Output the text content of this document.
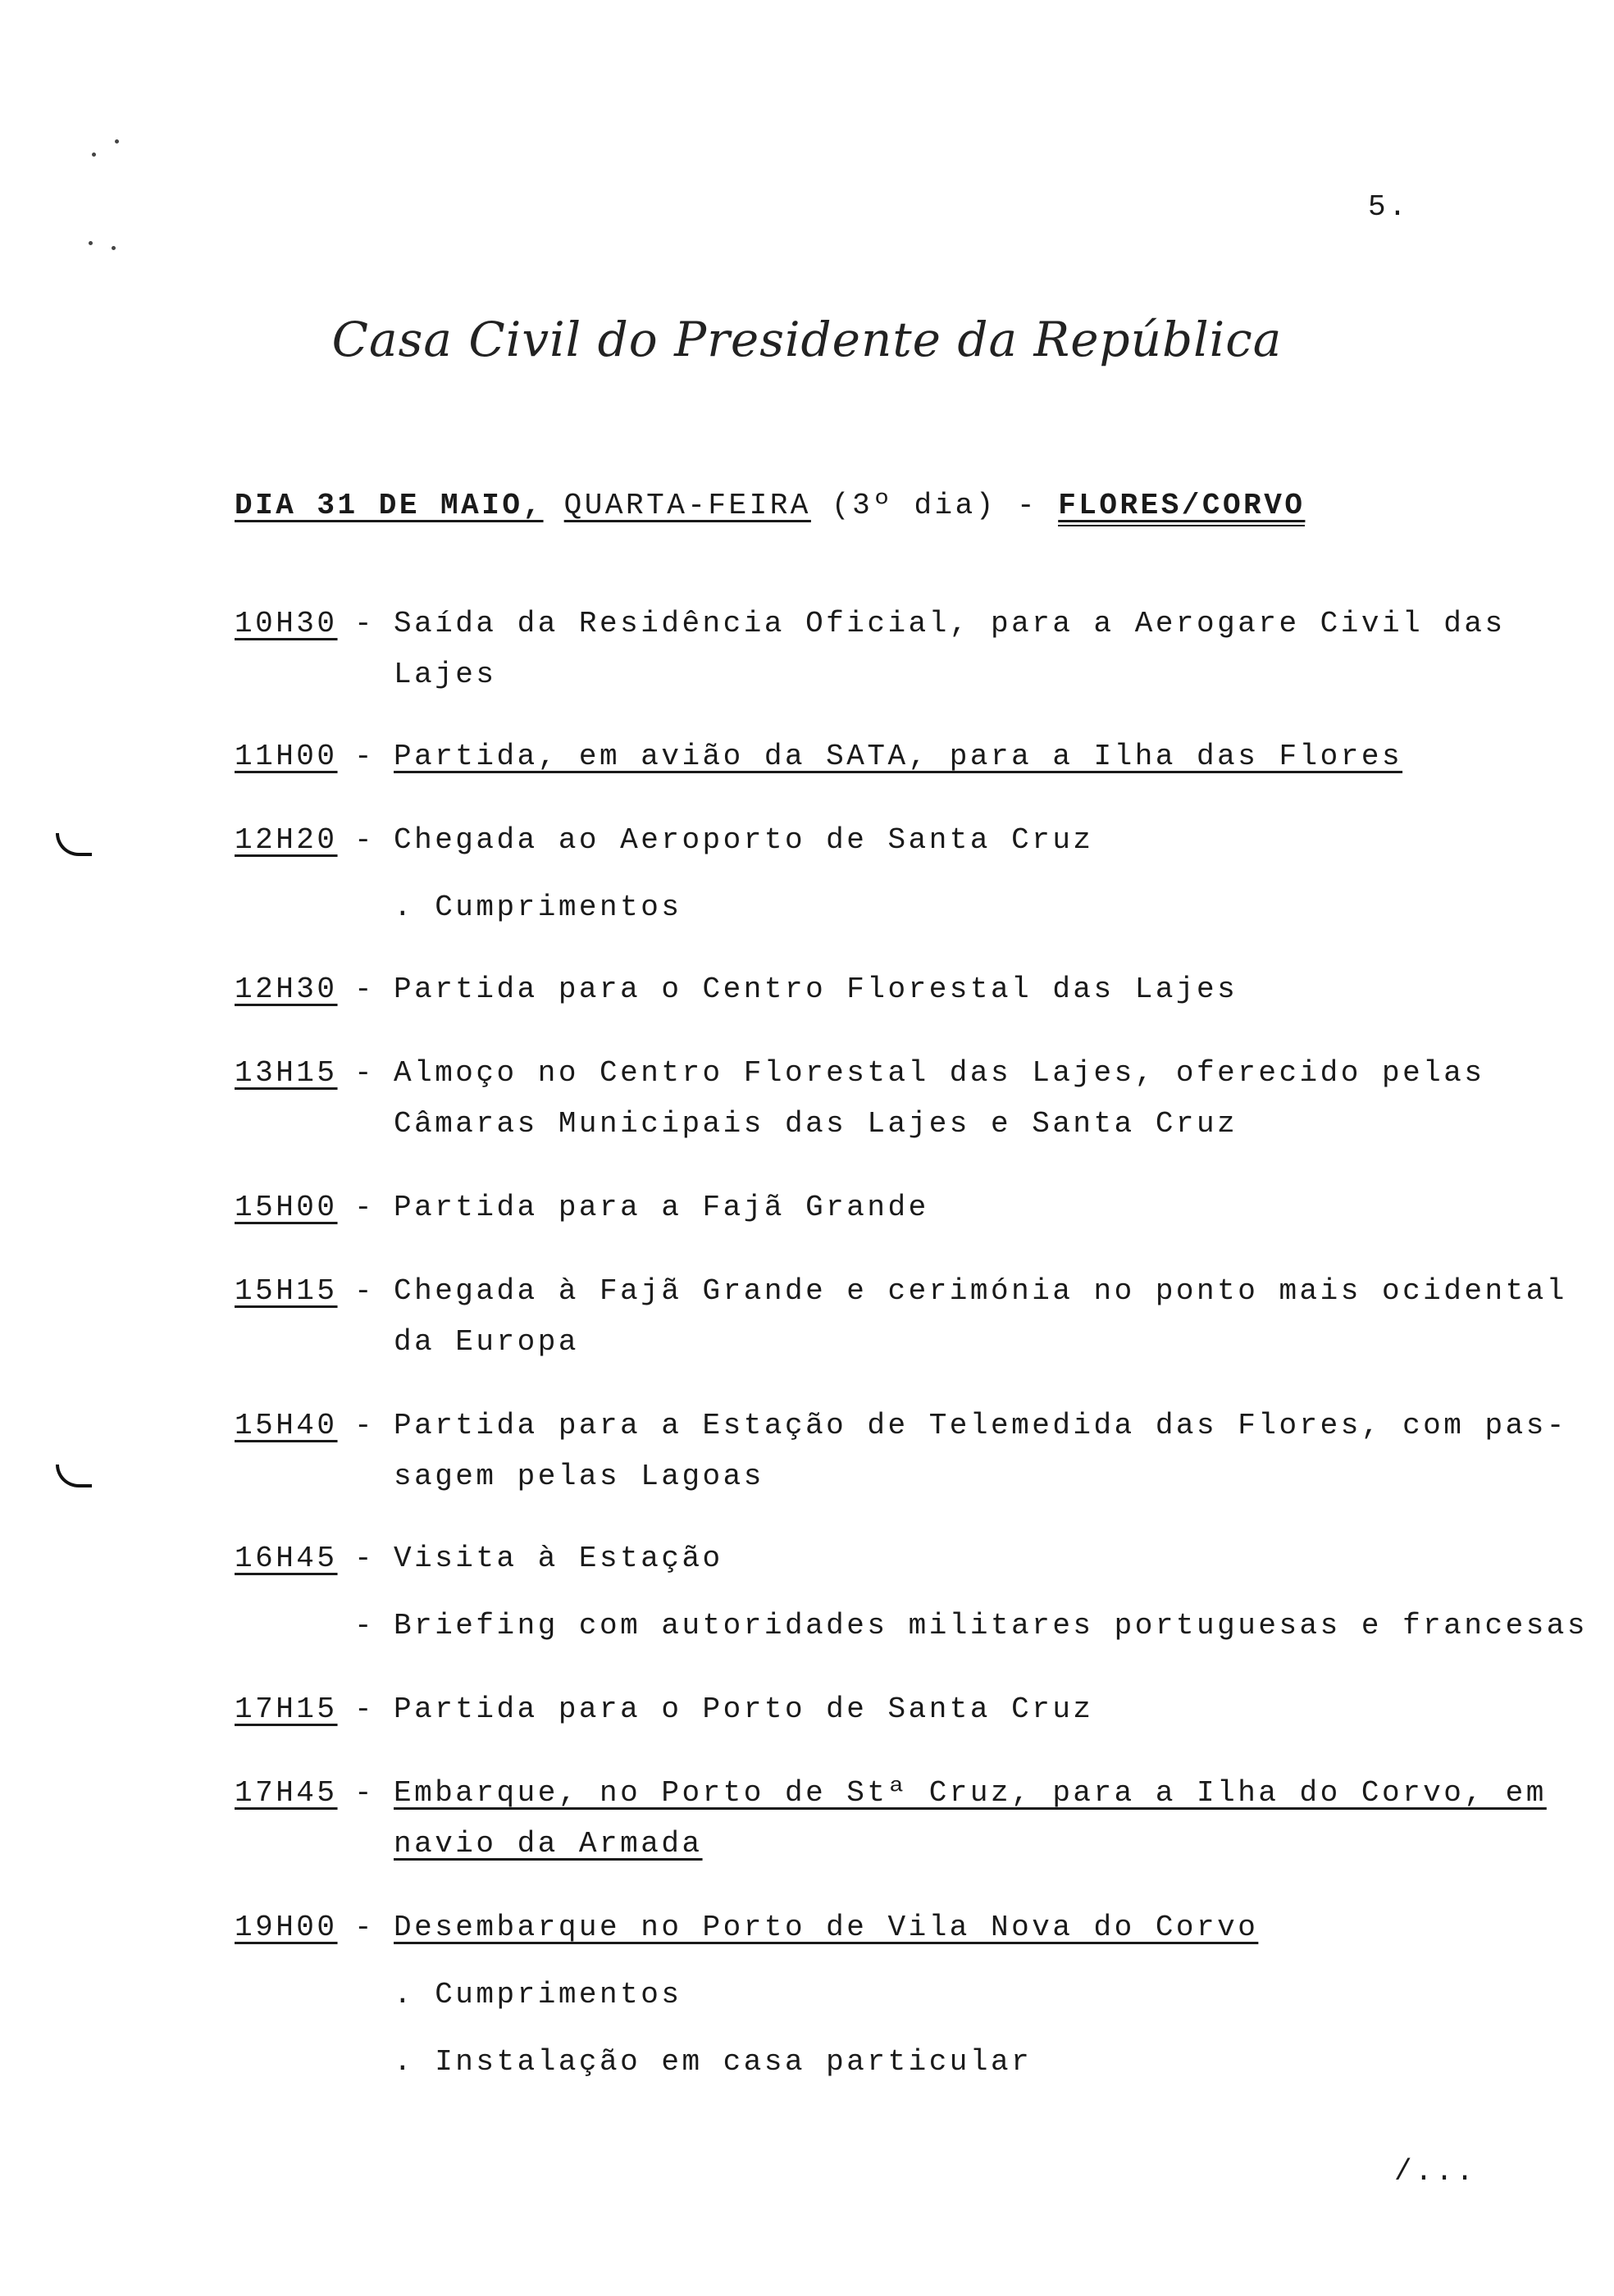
5.
Casa Civil do Presidente da República
DIA 31 DE MAIO, QUARTA-FEIRA (3º dia) - FLORES/CORVO
10H30 - Saída da Residência Oficial, para a Aerogare Civil das
Lajes
11H00 - Partida, em avião da SATA, para a Ilha das Flores
12H20 - Chegada ao Aeroporto de Santa Cruz
. Cumprimentos
12H30 - Partida para o Centro Florestal das Lajes
13H15 - Almoço no Centro Florestal das Lajes, oferecido pelas
Câmaras Municipais das Lajes e Santa Cruz
15H00 - Partida para a Fajã Grande
15H15 - Chegada à Fajã Grande e cerimónia no ponto mais ocidental
da Europa
15H40 - Partida para a Estação de Telemedida das Flores, com pas-
sagem pelas Lagoas
16H45 - Visita à Estação
- Briefing com autoridades militares portuguesas e francesas
17H15 - Partida para o Porto de Santa Cruz
17H45 - Embarque, no Porto de Stª Cruz, para a Ilha do Corvo, em
navio da Armada
19H00 - Desembarque no Porto de Vila Nova do Corvo
. Cumprimentos
. Instalação em casa particular
/...
